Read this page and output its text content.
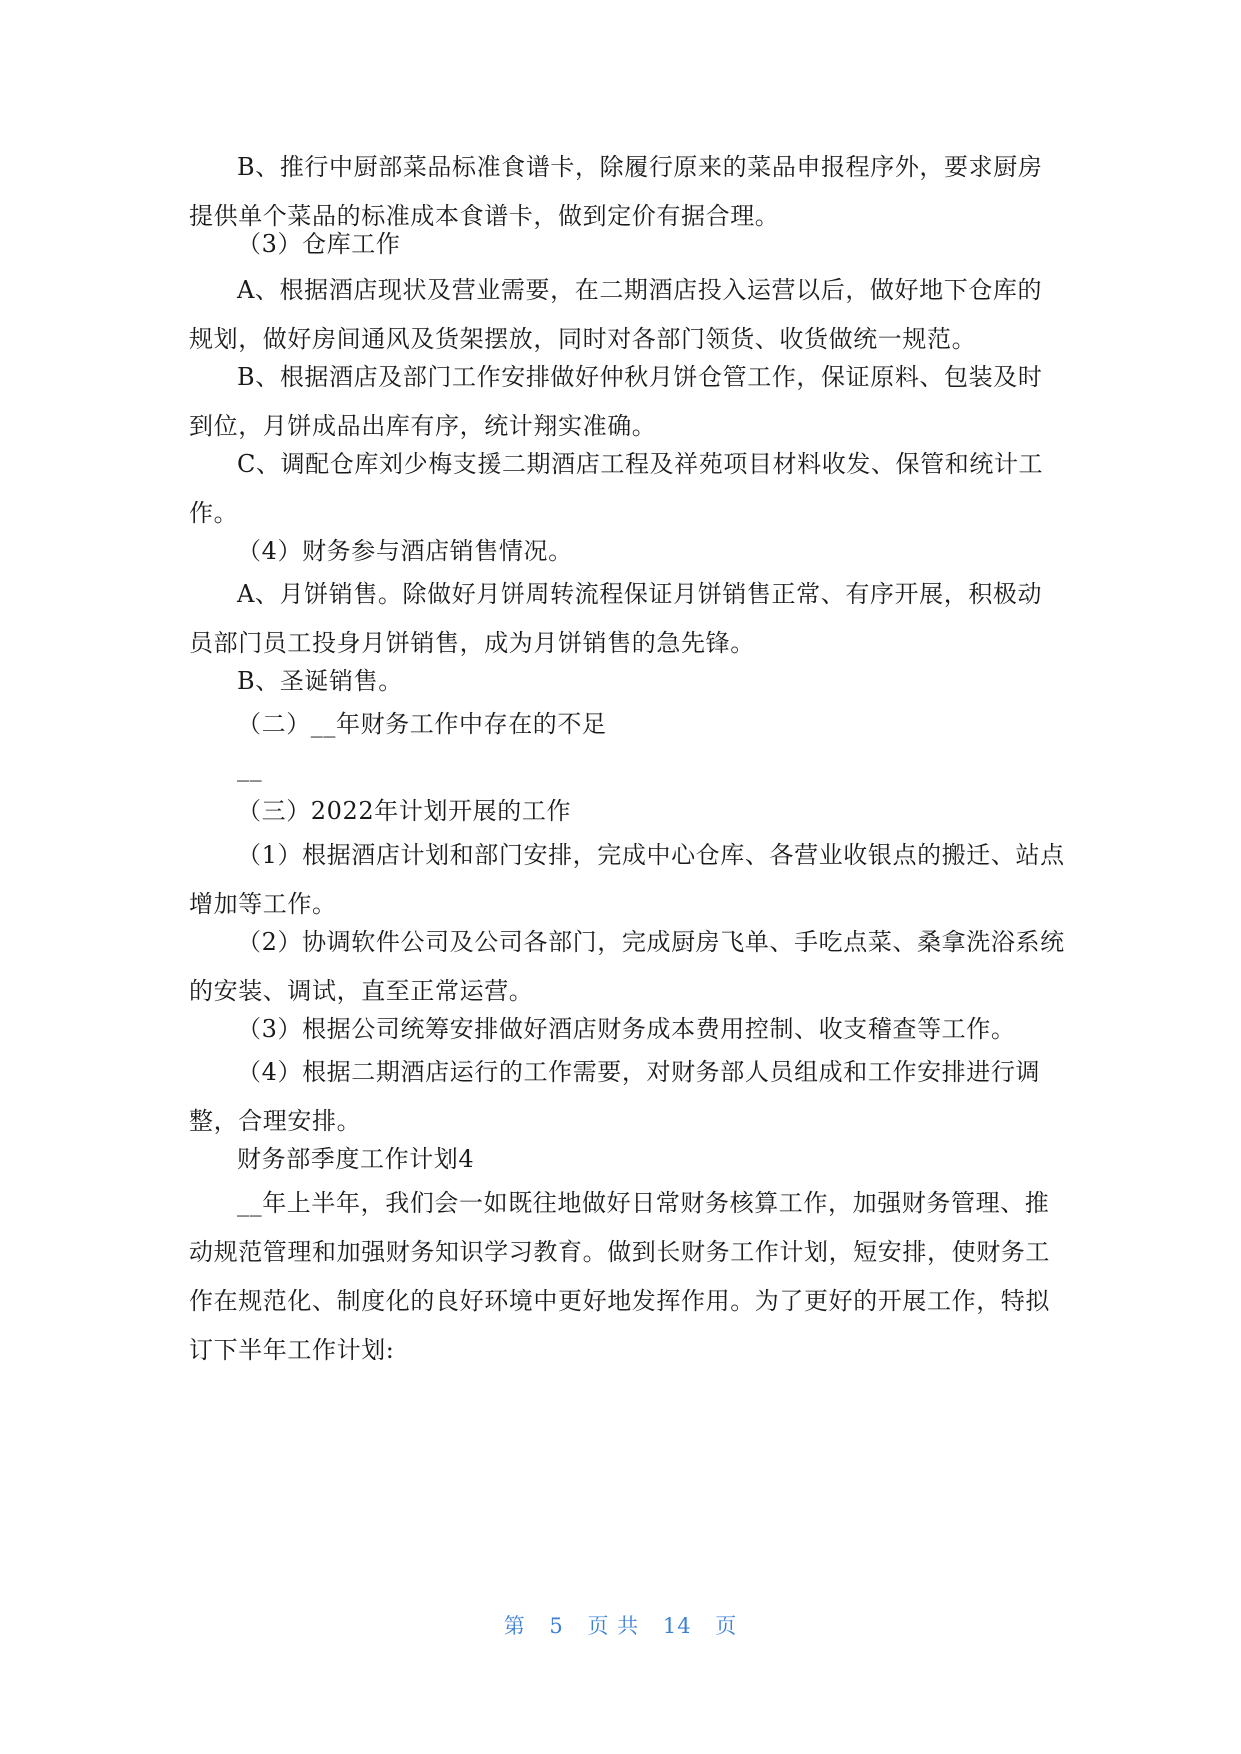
B、推行中厨部菜品标准食谱卡，除履行原来的菜品申报程序外，要求厨房提供单个菜品的标准成本食谱卡，做到定价有据合理。

（3）仓库工作

A、根据酒店现状及营业需要，在二期酒店投入运营以后，做好地下仓库的规划，做好房间通风及货架摆放，同时对各部门领货、收货做统一规范。

B、根据酒店及部门工作安排做好仲秋月饼仓管工作，保证原料、包装及时到位，月饼成品出库有序，统计翔实准确。

C、调配仓库刘少梅支援二期酒店工程及祥苑项目材料收发、保管和统计工作。

（4）财务参与酒店销售情况。

A、月饼销售。除做好月饼周转流程保证月饼销售正常、有序开展，积极动员部门员工投身月饼销售，成为月饼销售的急先锋。

B、圣诞销售。

（二）__年财务工作中存在的不足

__

（三）2022年计划开展的工作

（1）根据酒店计划和部门安排，完成中心仓库、各营业收银点的搬迁、站点增加等工作。

（2）协调软件公司及公司各部门，完成厨房飞单、手吃点菜、桑拿洗浴系统的安装、调试，直至正常运营。

（3）根据公司统筹安排做好酒店财务成本费用控制、收支稽查等工作。

（4）根据二期酒店运行的工作需要，对财务部人员组成和工作安排进行调整，合理安排。

财务部季度工作计划4

__年上半年，我们会一如既往地做好日常财务核算工作，加强财务管理、推动规范管理和加强财务知识学习教育。做到长财务工作计划，短安排，使财务工作在规范化、制度化的良好环境中更好地发挥作用。为了更好的开展工作，特拟订下半年工作计划:

第 5 页 共 14 页
